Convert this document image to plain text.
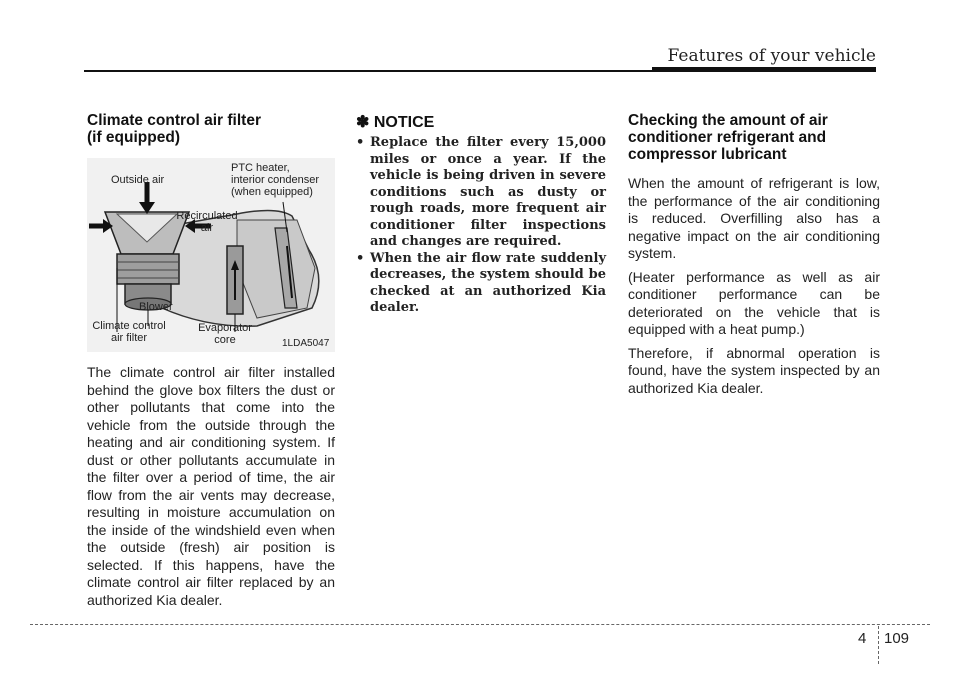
Features of your vehicle
Climate control air filter
(if equipped)
Outside air
PTC heater,
interior condenser
(when equipped)
Recirculated
air
Blower
Climate control
air filter
Evaporator
core	1LDA5047

The climate control air filter installed behind the glove box filters the dust or other pollutants that come into the vehicle from the outside through the heating and air conditioning system. If dust or other pollutants accumulate in the filter over a period of time, the air flow from the air vents may decrease, resulting in moisture accumulation on the inside of the windshield even when the outside (fresh) air position is selected. If this happens, have the climate control air filter replaced by an authorized Kia dealer.

✽ NOTICE
• Replace the filter every 15,000 miles or once a year. If the vehicle is being driven in severe conditions such as dusty or rough roads, more frequent air conditioner filter inspections and changes are required.
• When the air flow rate suddenly decreases, the system should be checked at an authorized Kia dealer.
Checking the amount of air
conditioner refrigerant and
compressor lubricant

When the amount of refrigerant is low, the performance of the air conditioning is reduced. Overfilling also has a negative impact on the air conditioning system.

(Heater performance as well as air conditioner performance can be deteriorated on the vehicle that is equipped with a heat pump.)

Therefore, if abnormal operation is found, have the system inspected by an authorized Kia dealer.

4 109
